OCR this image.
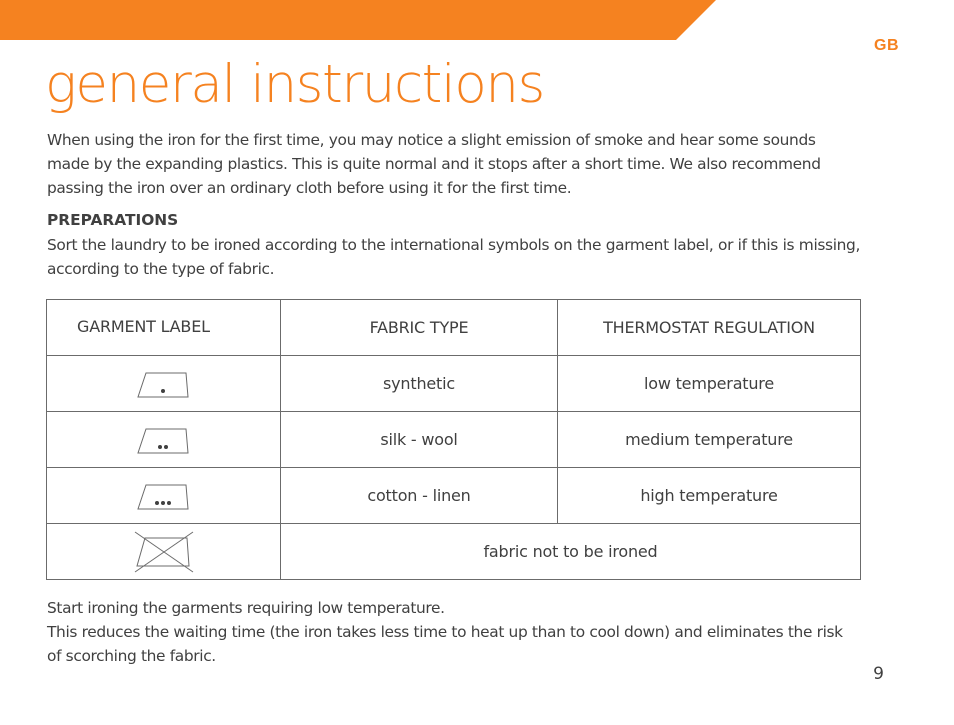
GB
general instructions

When using the iron for the first time, you may notice a slight emission of smoke and hear some sounds made by the expanding plastics. This is quite normal and it stops after a short time. We also recommend passing the iron over an ordinary cloth before using it for the first time.

PREPARATIONS

Sort the laundry to be ironed according to the international symbols on the garment label, or if this is missing, according to the type of fabric.

GARMENT LABEL	FABRIC TYPE	THERMOSTAT REGULATION

	synthetic	low temperature

	silk - wool	medium temperature

	cotton - linen	high temperature

	fabric not to be ironed	

Start ironing the garments requiring low temperature.
This reduces the waiting time (the iron takes less time to heat up than to cool down) and eliminates the risk of scorching the fabric.

9
